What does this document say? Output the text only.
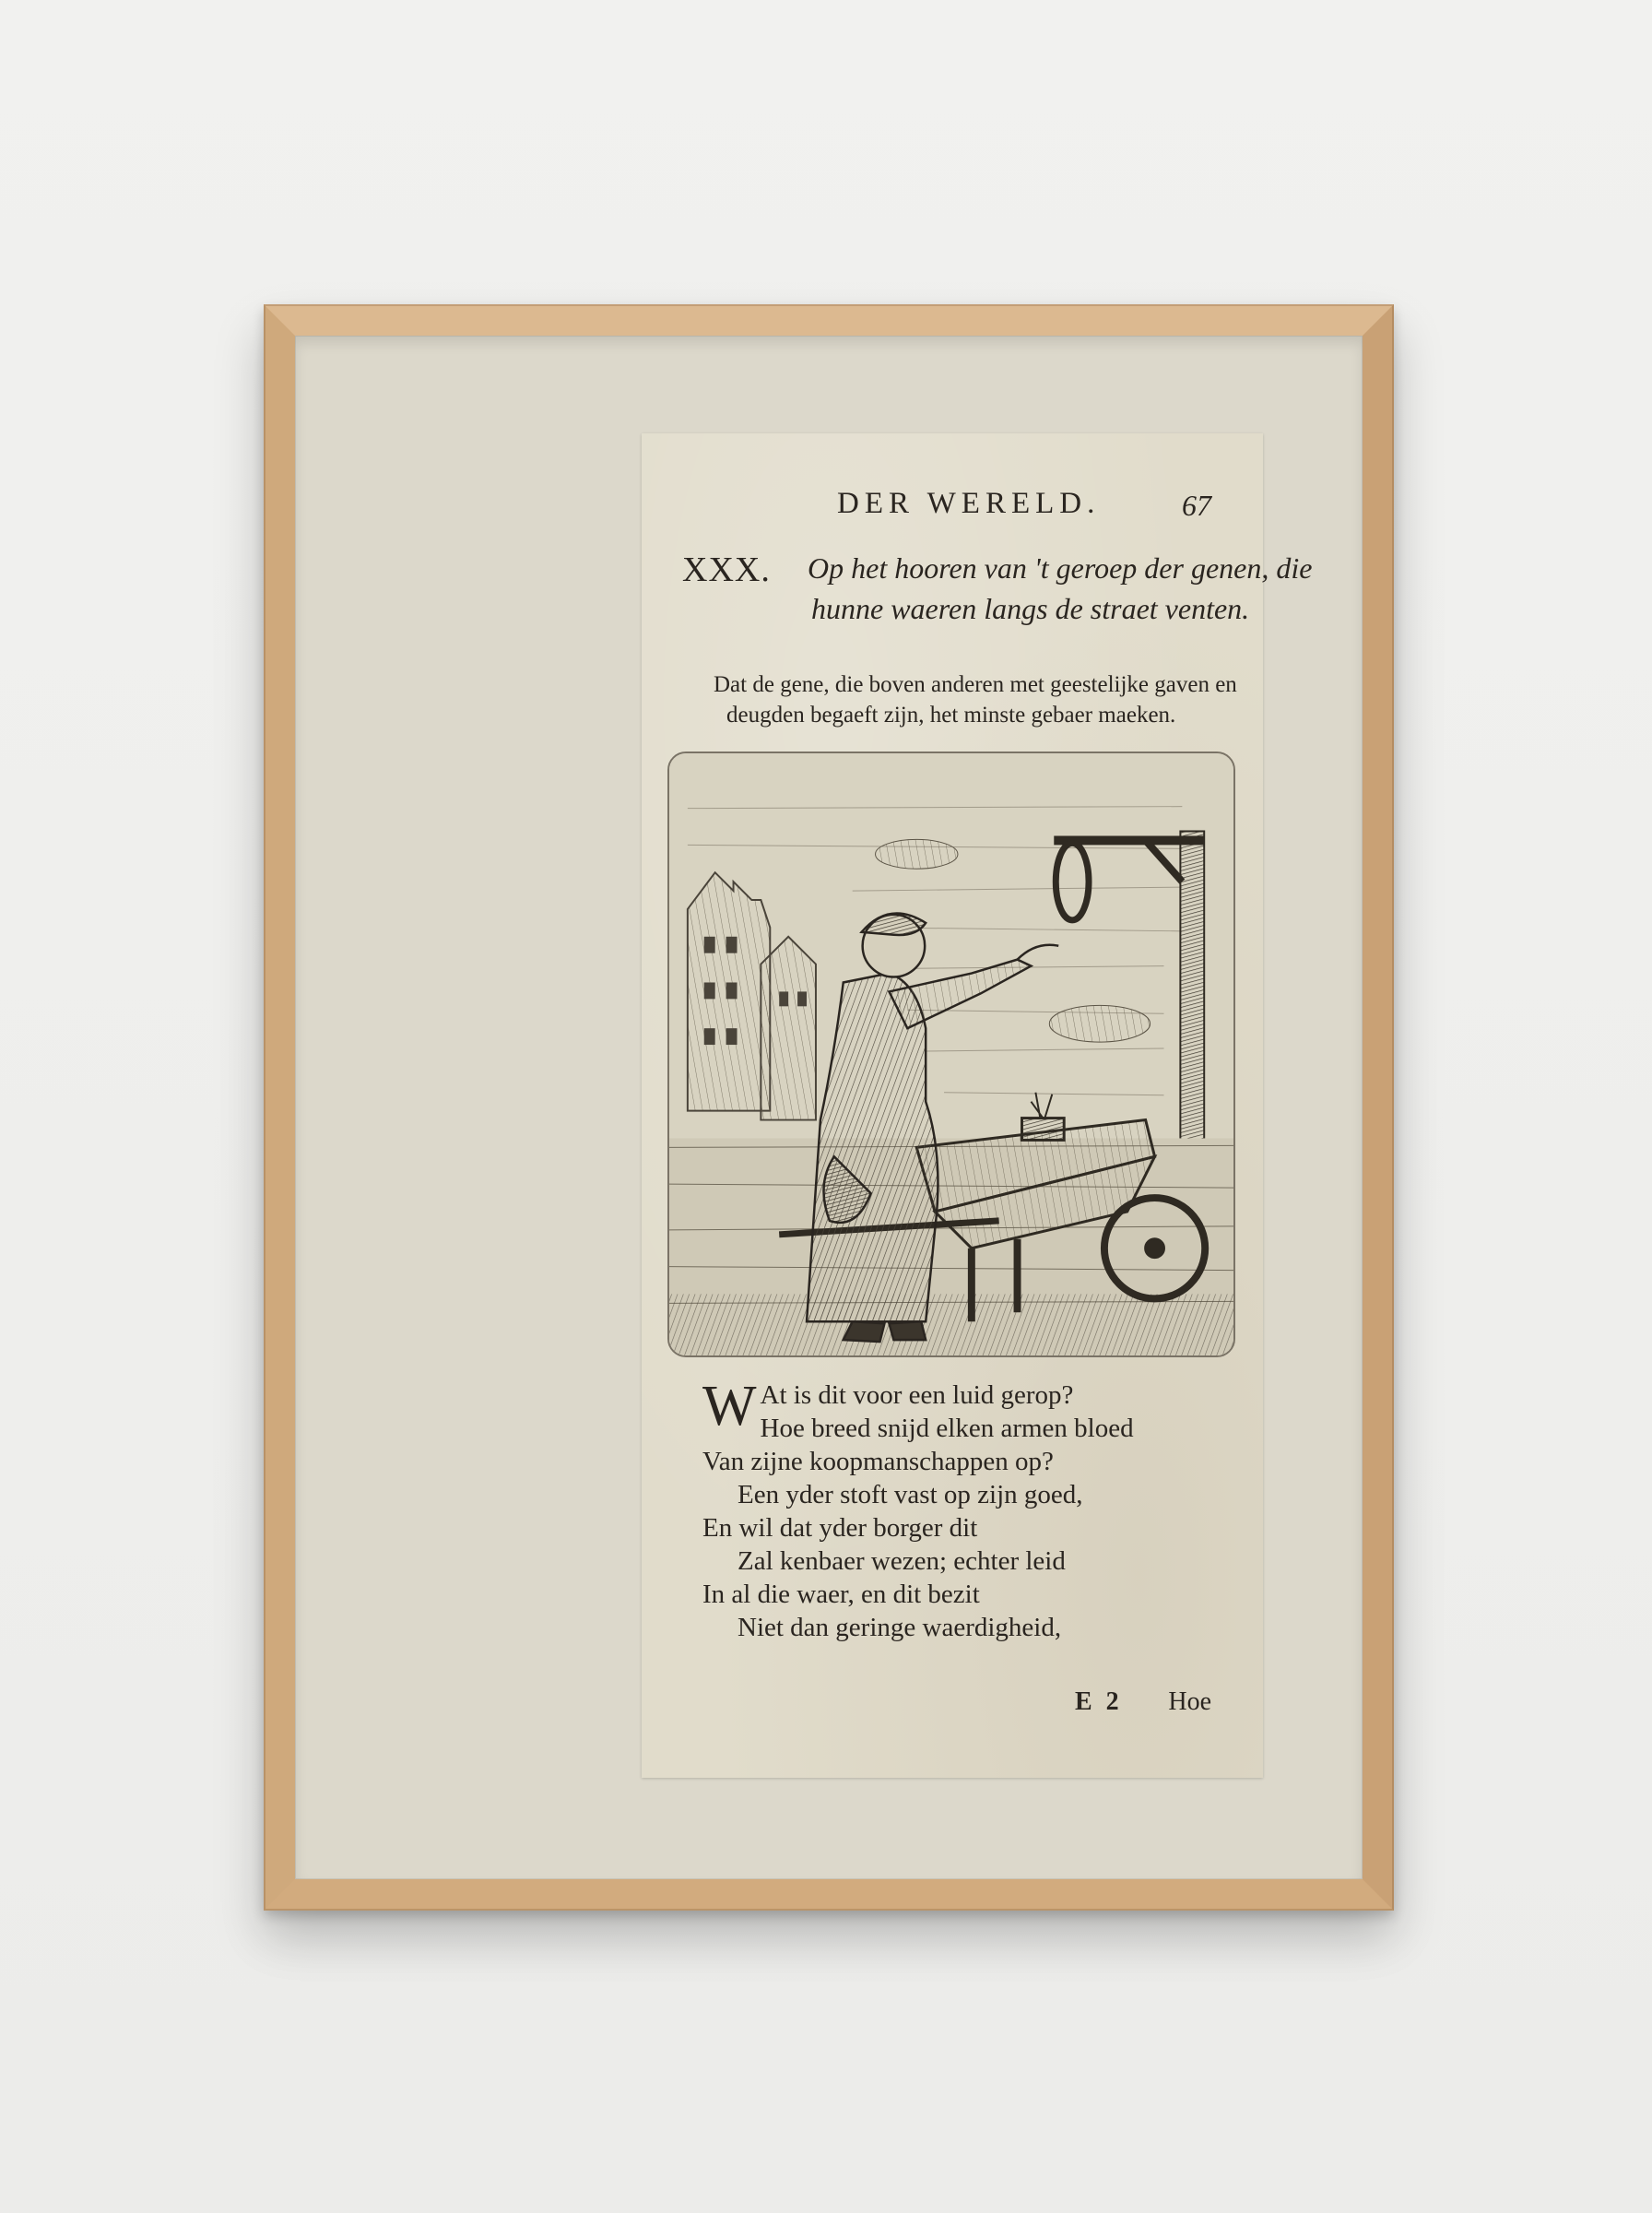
DER WERELD.	67
XXX. Op het hooren van 't geroep der genen, die
hunne waeren langs de straet venten.
Dat de gene, die boven anderen met geestelijke gaven en
deugden begaeft zijn, het minste gebaer maeken.
W At is dit voor een luid gerop?
Hoe breed snijd elken armen bloed
Van zijne koopmanschappen op?
Een yder stoft vast op zijn goed,
En wil dat yder borger dit
Zal kenbaer wezen; echter leid
In al die waer, en dit bezit
Niet dan geringe waerdigheid,
E 2 Hoe
